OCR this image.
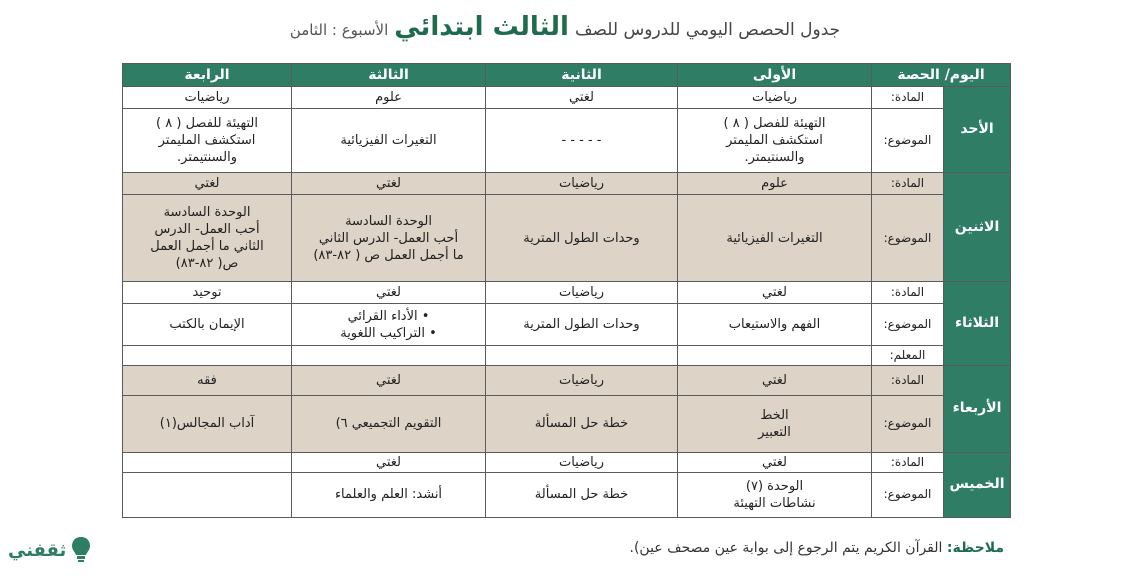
جدول الحصص اليومي للدروس للصف
الثالث ابتدائي
الأسبوع : الثامن
اليوم/ الحصة		الأولى	الثانية	الثالثة	الرابعة
الأحد	المادة:	رياضيات	لغتي	علوم	رياضيات
	الموضوع:	التهيئة للفصل ( ٨ )
استكشف المليمتر
والسنتيمتر.	- - - - -	التغيرات الفيزيائية	التهيئة للفصل ( ٨ )
استكشف المليمتر
والسنتيمتر.
الاثنين	المادة:	علوم	رياضيات	لغتي	لغتي
	الموضوع:	التغيرات الفيزيائية	وحدات الطول المترية	الوحدة السادسة
أحب العمل- الدرس الثاني
ما أجمل العمل ص ( ٨٢-٨٣)	الوحدة السادسة
أحب العمل- الدرس
الثاني ما أجمل العمل
ص( ٨٢-٨٣)
الثلاثاء	المادة:	لغتي	رياضيات	لغتي	توحيد
	الموضوع:	الفهم والاستيعاب	وحدات الطول المترية	• الأداء القرائي
• التراكيب اللغوية	الإيمان بالكتب
	المعلم:				
الأربعاء	المادة:	لغتي	رياضيات	لغتي	فقه
	الموضوع:	الخط
التعبير	خطة حل المسألة	التقويم التجميعي ٦)	آداب المجالس(١)
الخميس	المادة:	لغتي	رياضيات	لغتي	
	الموضوع:	الوحدة (٧)
نشاطات التهيئة	خطة حل المسألة	أنشد: العلم والعلماء	
ملاحظة: القرآن الكريم يتم الرجوع إلى بوابة عين مصحف عين).
ثقفني
